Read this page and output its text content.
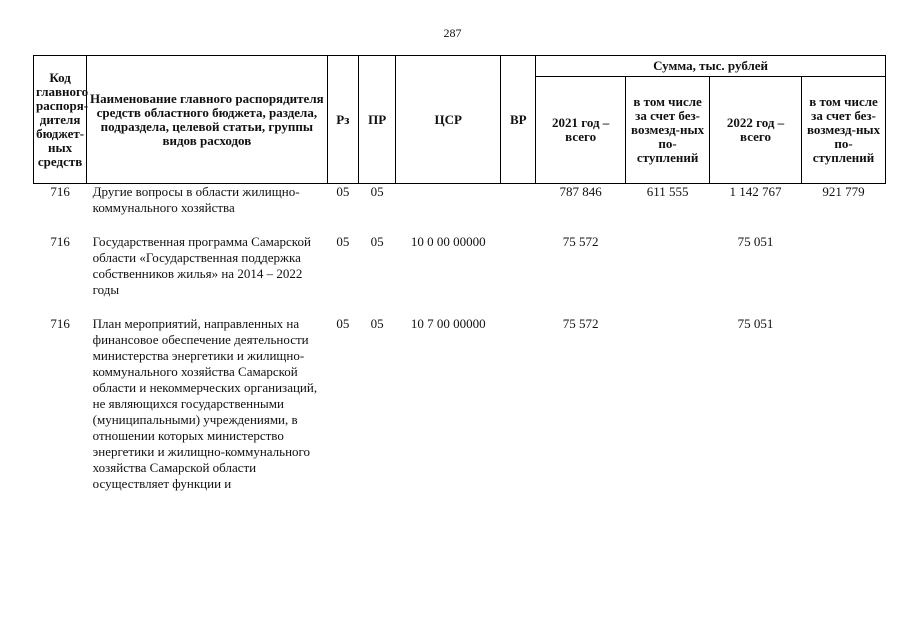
287
Код главного распоря-дителя бюджет-ных средств	Наименование главного распорядителя средств областного бюджета, раздела, подраздела, целевой статьи, группы видов расходов	Рз	ПР	ЦСР	ВР	Сумма, тыс. рублей			
						2021 год – всего	в том числе за счет без-возмезд-ных по-ступлений	2022 год – всего	в том числе за счет без-возмезд-ных по-ступлений
716	Другие вопросы в области жилищно-коммунального хозяйства	05	05			787 846	611 555	1 142 767	921 779

716	Государственная программа Самарской области «Государственная поддержка собственников жилья» на 2014 – 2022 годы	05	05	10 0 00 00000		75 572		75 051	

716	План мероприятий, направленных на финансовое обеспечение деятельности министерства энергетики и жилищно-коммунального хозяйства Самарской области и некоммерческих организаций, не являющихся государственными (муниципальными) учреждениями, в отношении которых министерство энергетики и жилищно-коммунального хозяйства Самарской области осуществляет функции и	05	05	10 7 00 00000		75 572		75 051	
